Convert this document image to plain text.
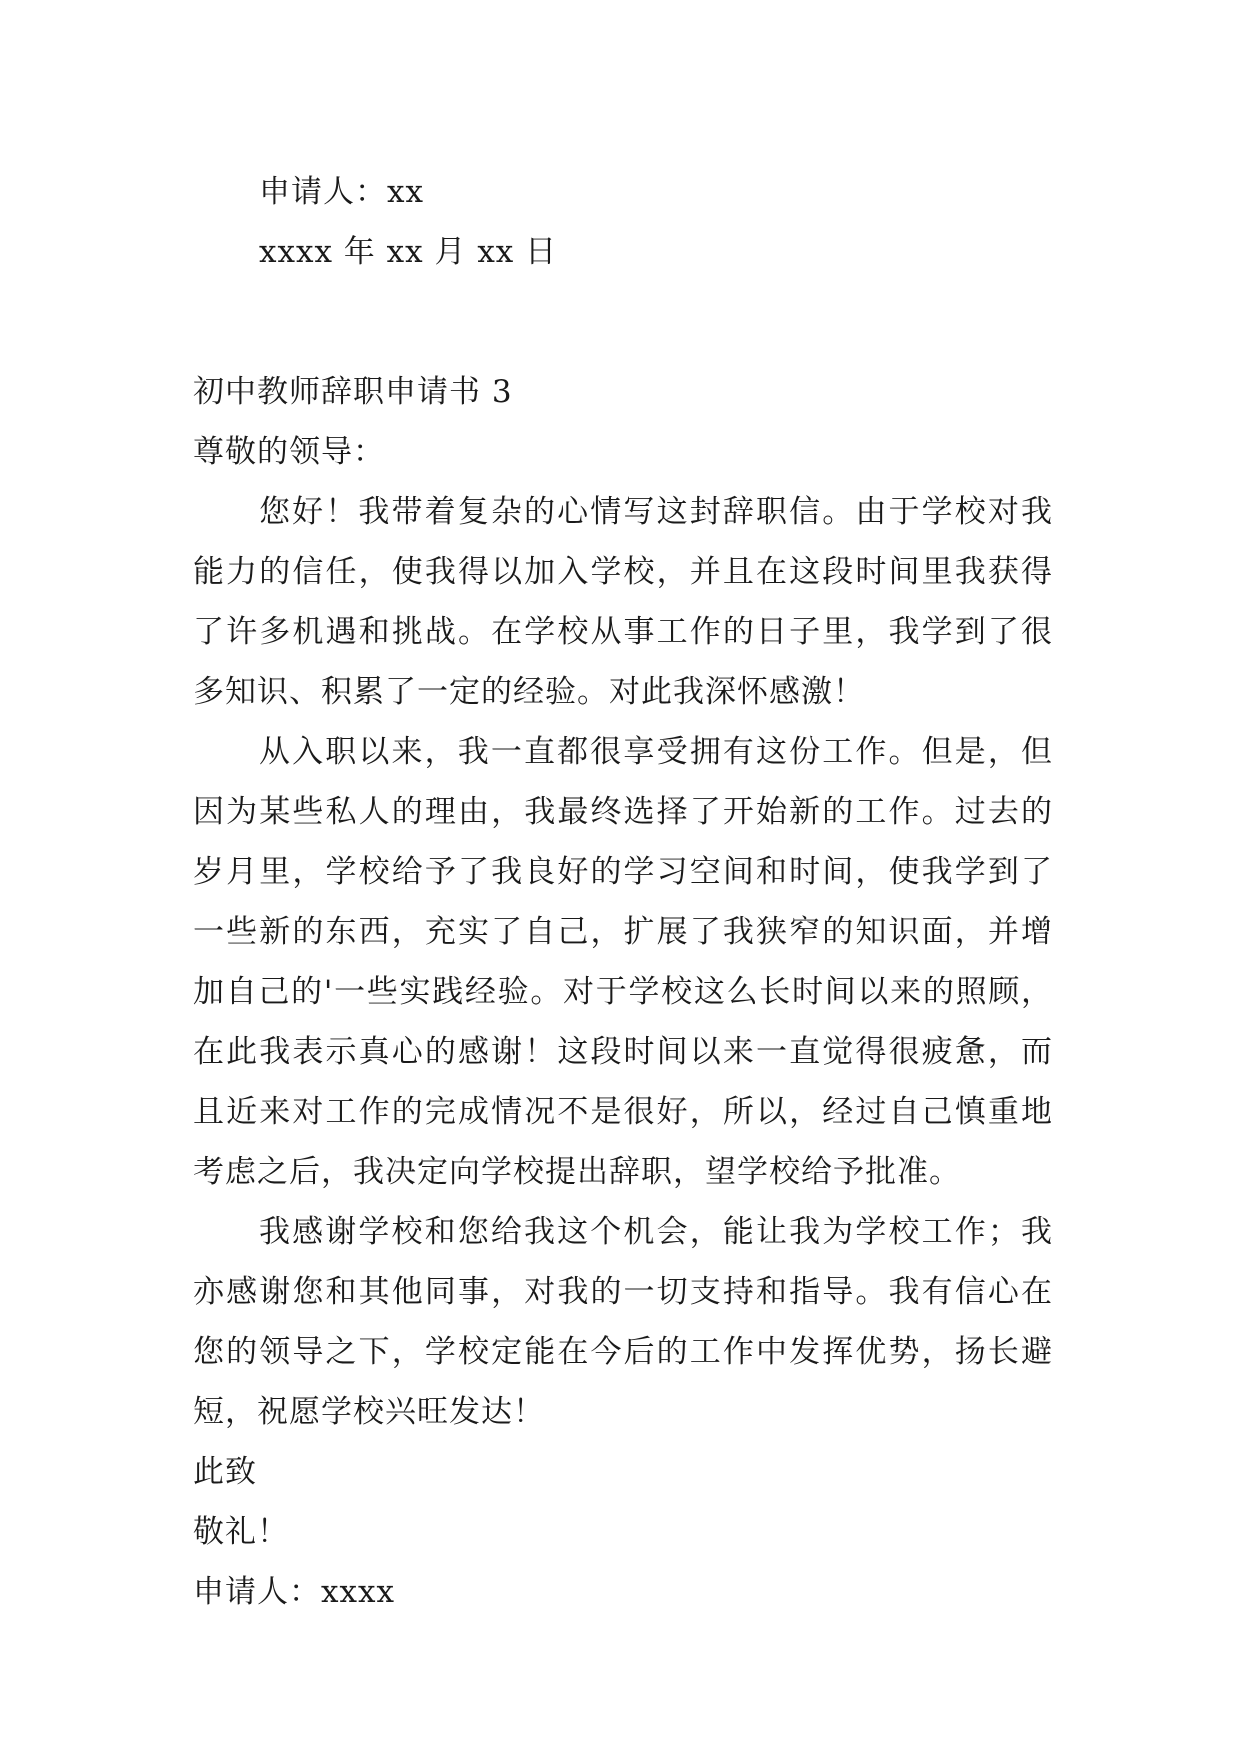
申请人：xx

xxxx 年 xx 月 xx 日

初中教师辞职申请书 3

尊敬的领导：

您好！我带着复杂的心情写这封辞职信。由于学校对我能力的信任，使我得以加入学校，并且在这段时间里我获得了许多机遇和挑战。在学校从事工作的日子里，我学到了很多知识、积累了一定的经验。对此我深怀感激！

从入职以来，我一直都很享受拥有这份工作。但是，但因为某些私人的理由，我最终选择了开始新的工作。过去的岁月里，学校给予了我良好的学习空间和时间，使我学到了一些新的东西，充实了自己，扩展了我狭窄的知识面，并增加自己的'一些实践经验。对于学校这么长时间以来的照顾，在此我表示真心的感谢！这段时间以来一直觉得很疲惫，而且近来对工作的完成情况不是很好，所以，经过自己慎重地考虑之后，我决定向学校提出辞职，望学校给予批准。

我感谢学校和您给我这个机会，能让我为学校工作；我亦感谢您和其他同事，对我的一切支持和指导。我有信心在您的领导之下，学校定能在今后的工作中发挥优势，扬长避短，祝愿学校兴旺发达！

此致

敬礼！

申请人：xxxx
